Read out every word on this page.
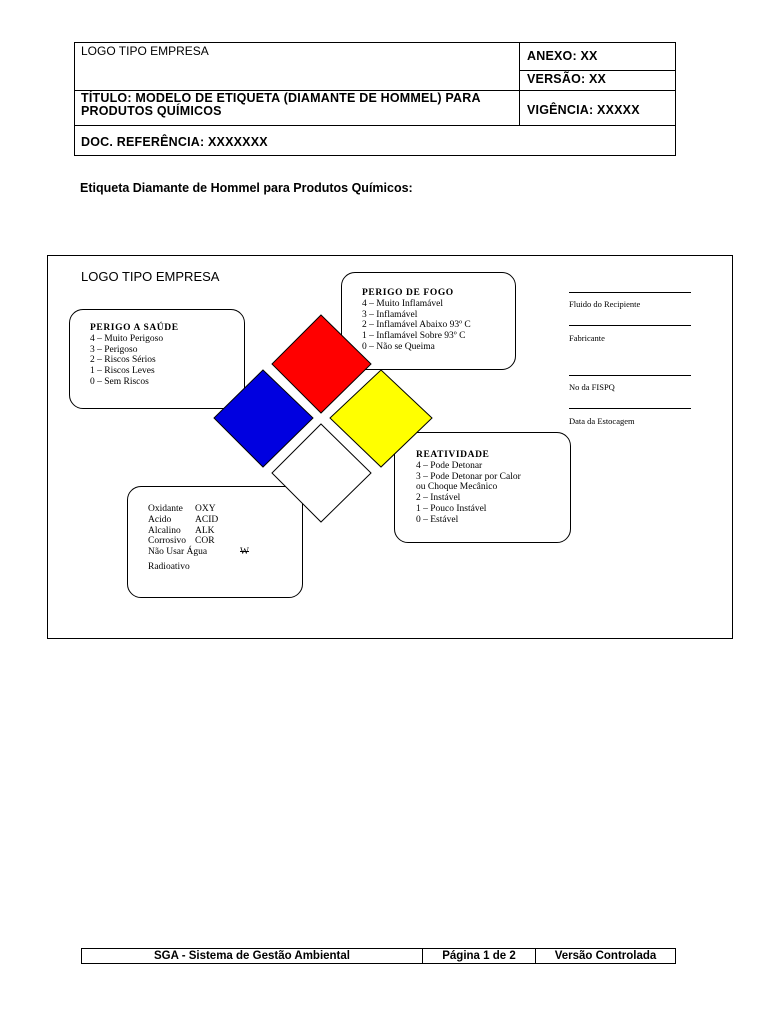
LOGO TIPO EMPRESA	ANEXO: XX
VERSÃO: XX
TÍTULO: MODELO DE ETIQUETA (DIAMANTE DE HOMMEL) PARA PRODUTOS QUÍMICOS	VIGÊNCIA: XXXXX
DOC. REFERÊNCIA: XXXXXXX
Etiqueta Diamante de Hommel para Produtos Químicos:
LOGO TIPO EMPRESA
PERIGO A SAÚDE
4 – Muito Perigoso
3 – Perigoso
2 – Riscos Sérios
1 – Riscos Leves
0 – Sem Riscos
PERIGO DE FOGO
4 – Muito Inflamável
3 – Inflamável
2 – Inflamável Abaixo 93º C
1 – Inflamável Sobre 93º C
0 – Não se Queima
REATIVIDADE
4 – Pode Detonar
3 – Pode Detonar por Calor
ou Choque Mecânico
2 – Instável
1 – Pouco Instável
0 – Estável
Oxidante OXY
Acido	ACID
Alcalino ALK
Corrosivo COR
Não Usar Água	W
Radioativo
Fluido do Recipiente
Fabricante
No da FISPQ
Data da Estocagem
SGA - Sistema de Gestão Ambiental	Página 1 de 2	Versão Controlada
